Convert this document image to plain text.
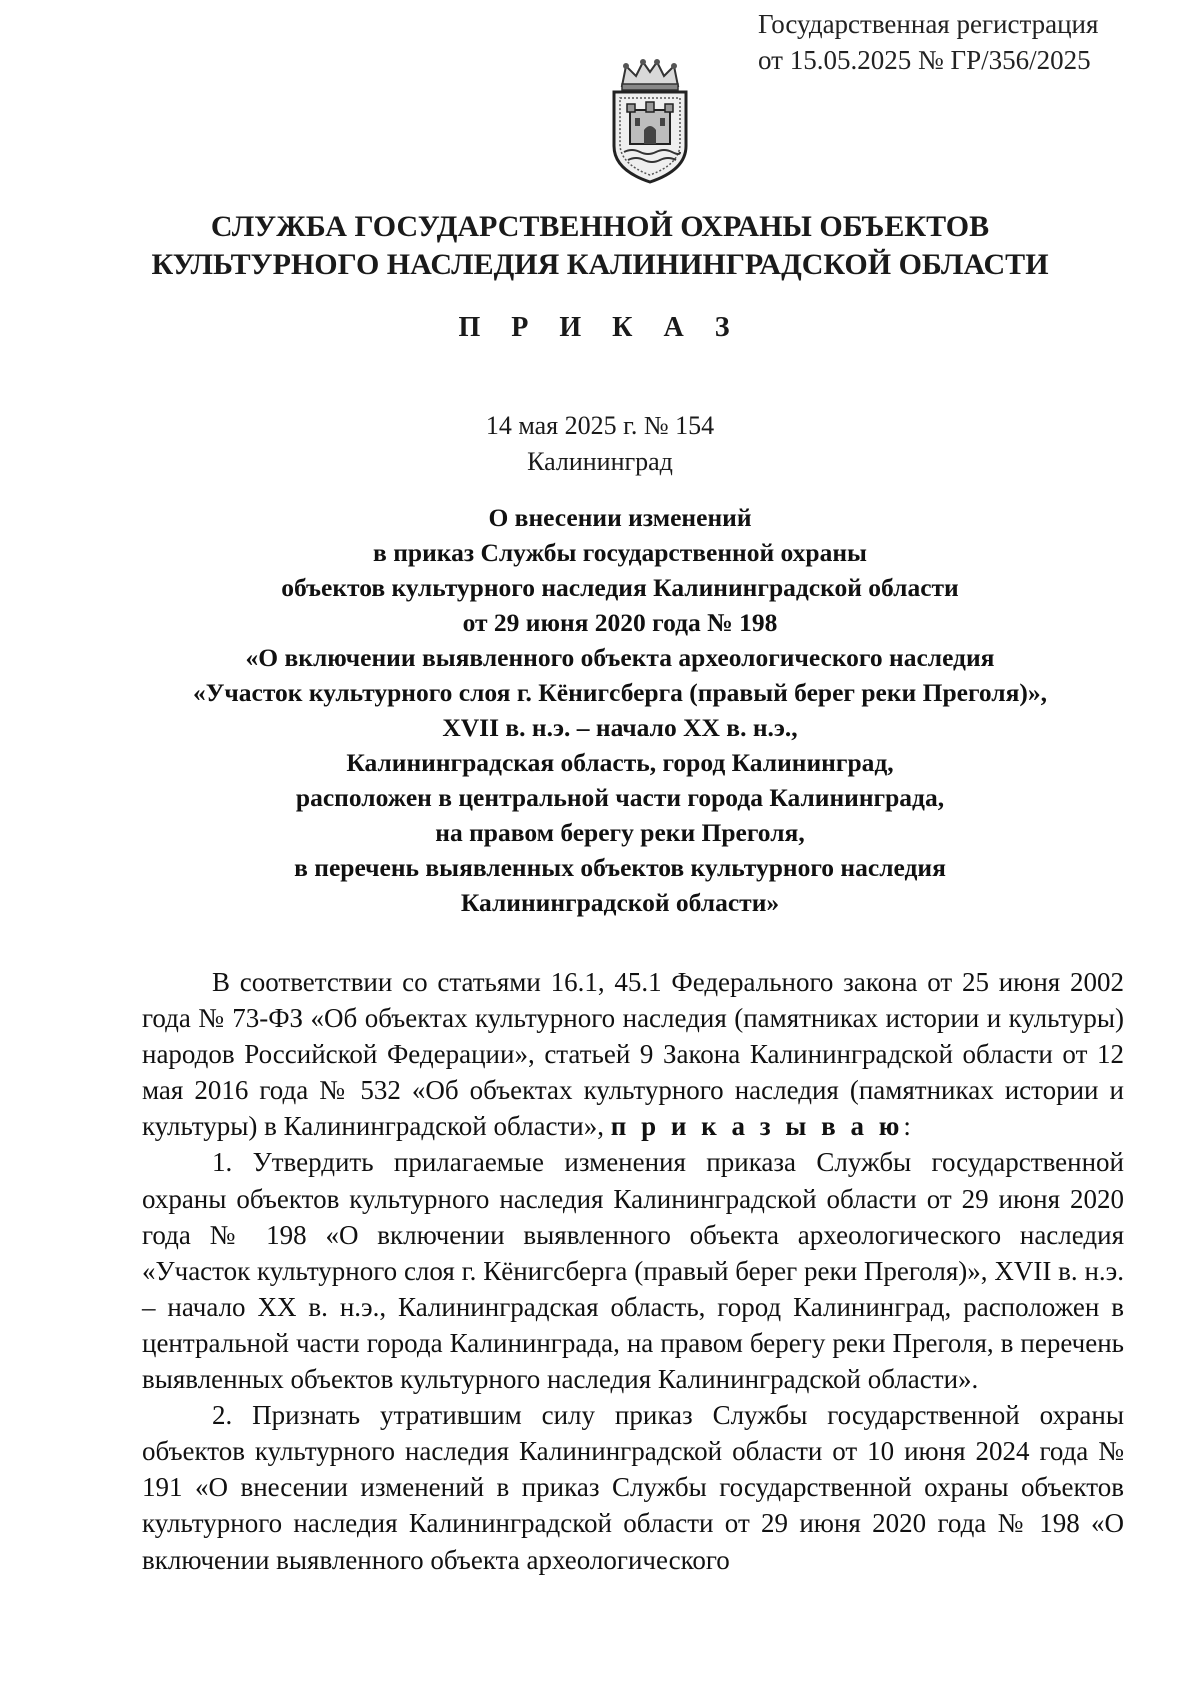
Государственная регистрация
от 15.05.2025 № ГР/356/2025
СЛУЖБА ГОСУДАРСТВЕННОЙ ОХРАНЫ ОБЪЕКТОВ
КУЛЬТУРНОГО НАСЛЕДИЯ КАЛИНИНГРАДСКОЙ ОБЛАСТИ
П Р И К А З
14 мая 2025 г. № 154
Калининград
О внесении изменений
в приказ Службы государственной охраны
объектов культурного наследия Калининградской области
от 29 июня 2020 года № 198
«О включении выявленного объекта археологического наследия
«Участок культурного слоя г. Кёнигсберга (правый берег реки Преголя)»,
XVII в. н.э. – начало XX в. н.э.,
Калининградская область, город Калининград,
расположен в центральной части города Калининграда,
на правом берегу реки Преголя,
в перечень выявленных объектов культурного наследия
Калининградской области»

В соответствии со статьями 16.1, 45.1 Федерального закона от 25 июня 2002 года № 73-ФЗ «Об объектах культурного наследия (памятниках истории и культуры) народов Российской Федерации», статьей 9 Закона Калининградской области от 12 мая 2016 года № 532 «Об объектах культурного наследия (памятниках истории и культуры) в Калининградской области», п р и к а з ы в а ю:

1. Утвердить прилагаемые изменения приказа Службы государственной охраны объектов культурного наследия Калининградской области от 29 июня 2020 года № 198 «О включении выявленного объекта археологического наследия «Участок культурного слоя г. Кёнигсберга (правый берег реки Преголя)», XVII в. н.э. – начало XX в. н.э., Калининградская область, город Калининград, расположен в центральной части города Калининграда, на правом берегу реки Преголя, в перечень выявленных объектов культурного наследия Калининградской области».

2. Признать утратившим силу приказ Службы государственной охраны объектов культурного наследия Калининградской области от 10 июня 2024 года № 191 «О внесении изменений в приказ Службы государственной охраны объектов культурного наследия Калининградской области от 29 июня 2020 года № 198 «О включении выявленного объекта археологического
